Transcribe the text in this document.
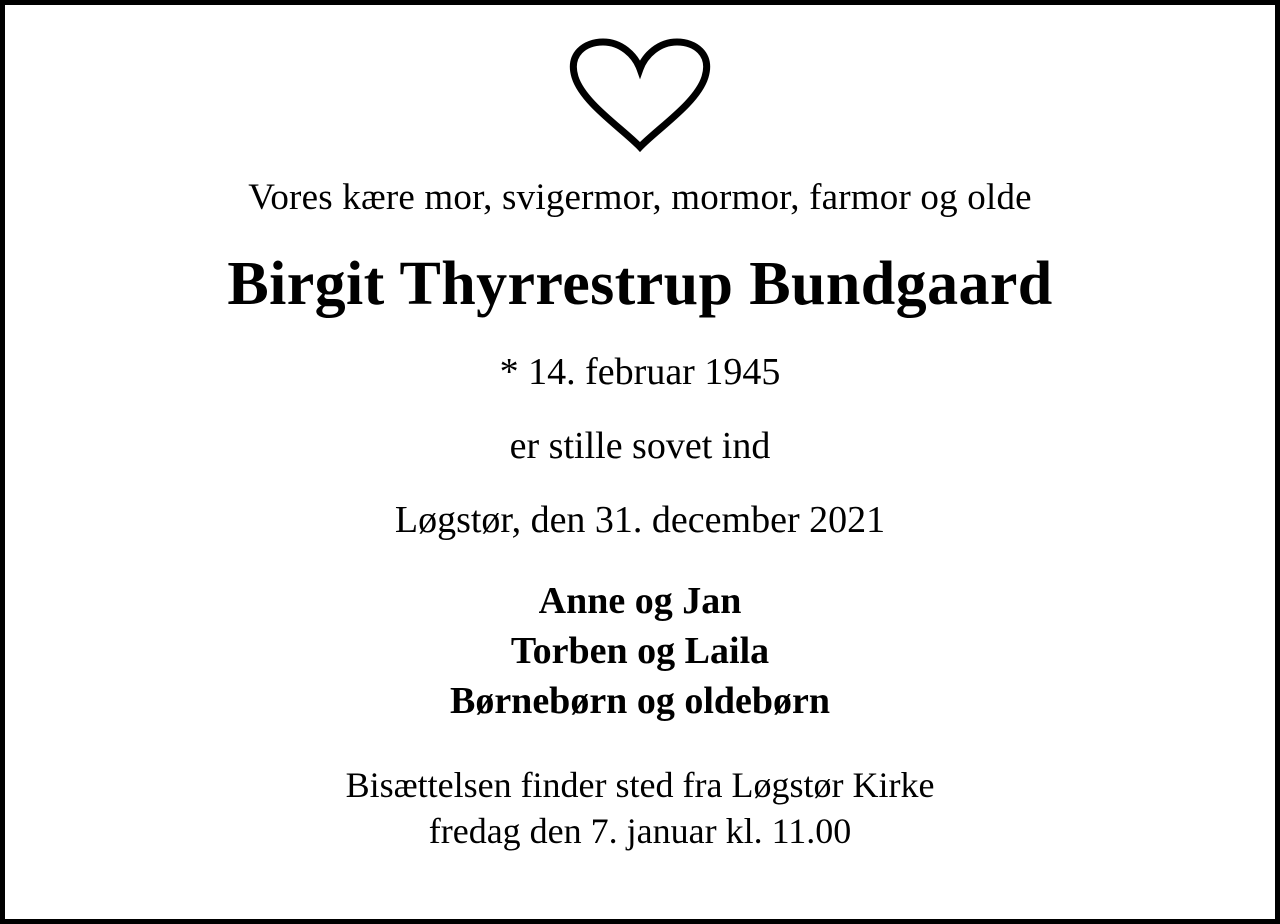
Vores kære mor, svigermor, mormor, farmor og olde
Birgit Thyrrestrup Bundgaard
* 14. februar 1945
er stille sovet ind
Løgstør, den 31. december 2021
Anne og Jan
Torben og Laila
Børnebørn og oldebørn
Bisættelsen finder sted fra Løgstør Kirke
fredag den 7. januar kl. 11.00
